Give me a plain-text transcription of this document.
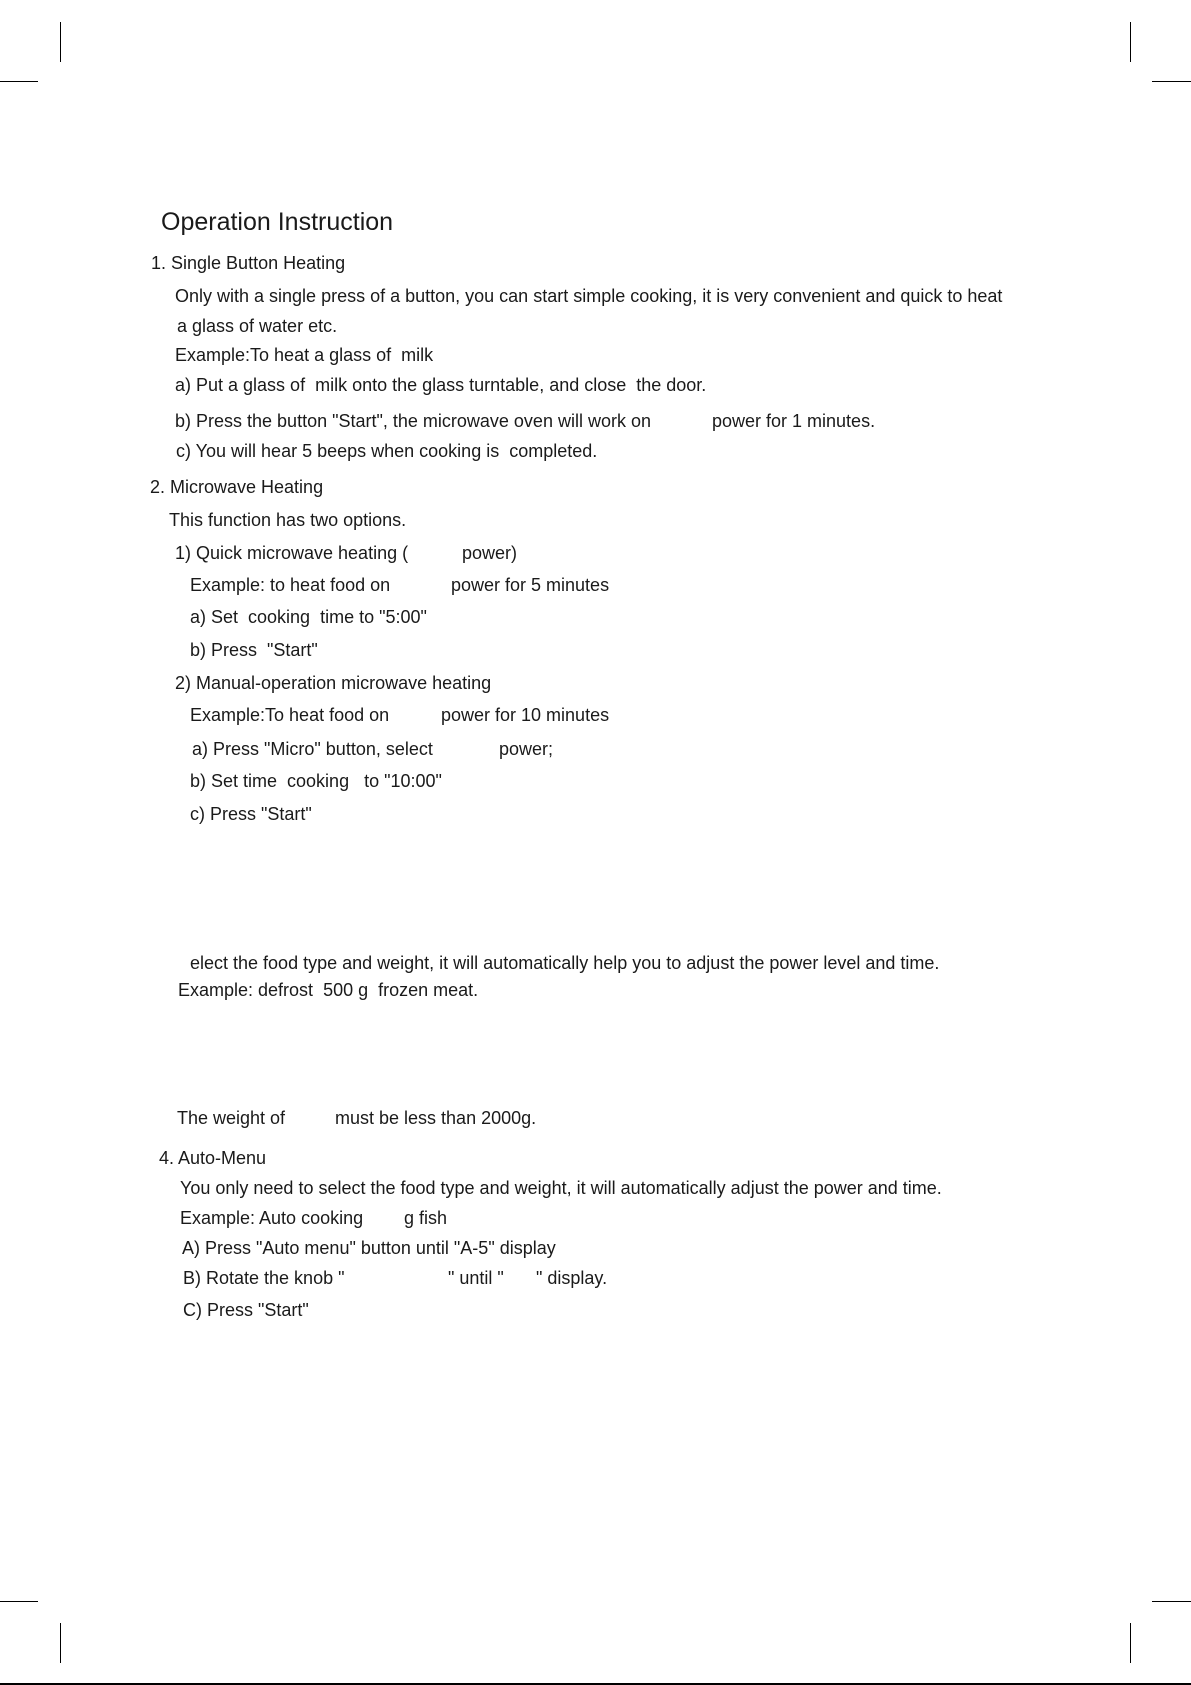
Operation Instruction
1. Single Button Heating
Only with a single press of a button, you can start simple cooking, it is very convenient and quick to heat
a glass of water etc.
Example:To heat a glass of  milk
a) Put a glass of  milk onto the glass turntable, and close  the door.
b) Press the button "Start", the microwave oven will work on	power for 1 minutes.
c) You will hear 5 beeps when cooking is  completed.
2. Microwave Heating
This function has two options.
1) Quick microwave heating (	power)
Example: to heat food on	power for 5 minutes
a) Set  cooking  time to "5:00"
b) Press  "Start"
2) Manual-operation microwave heating
Example:To heat food on	power for 10 minutes
a) Press "Micro" button, select	power;
b) Set time  cooking   to "10:00"
c) Press "Start"
elect the food type and weight, it will automatically help you to adjust the power level and time.
Example: defrost  500 g  frozen meat.
The weight of	must be less than 2000g.
4. Auto-Menu
You only need to select the food type and weight, it will automatically adjust the power and time.
Example: Auto cooking g fish
A) Press "Auto menu" button until "A-5" display
B) Rotate the knob "	" until " " display.
C) Press "Start"
